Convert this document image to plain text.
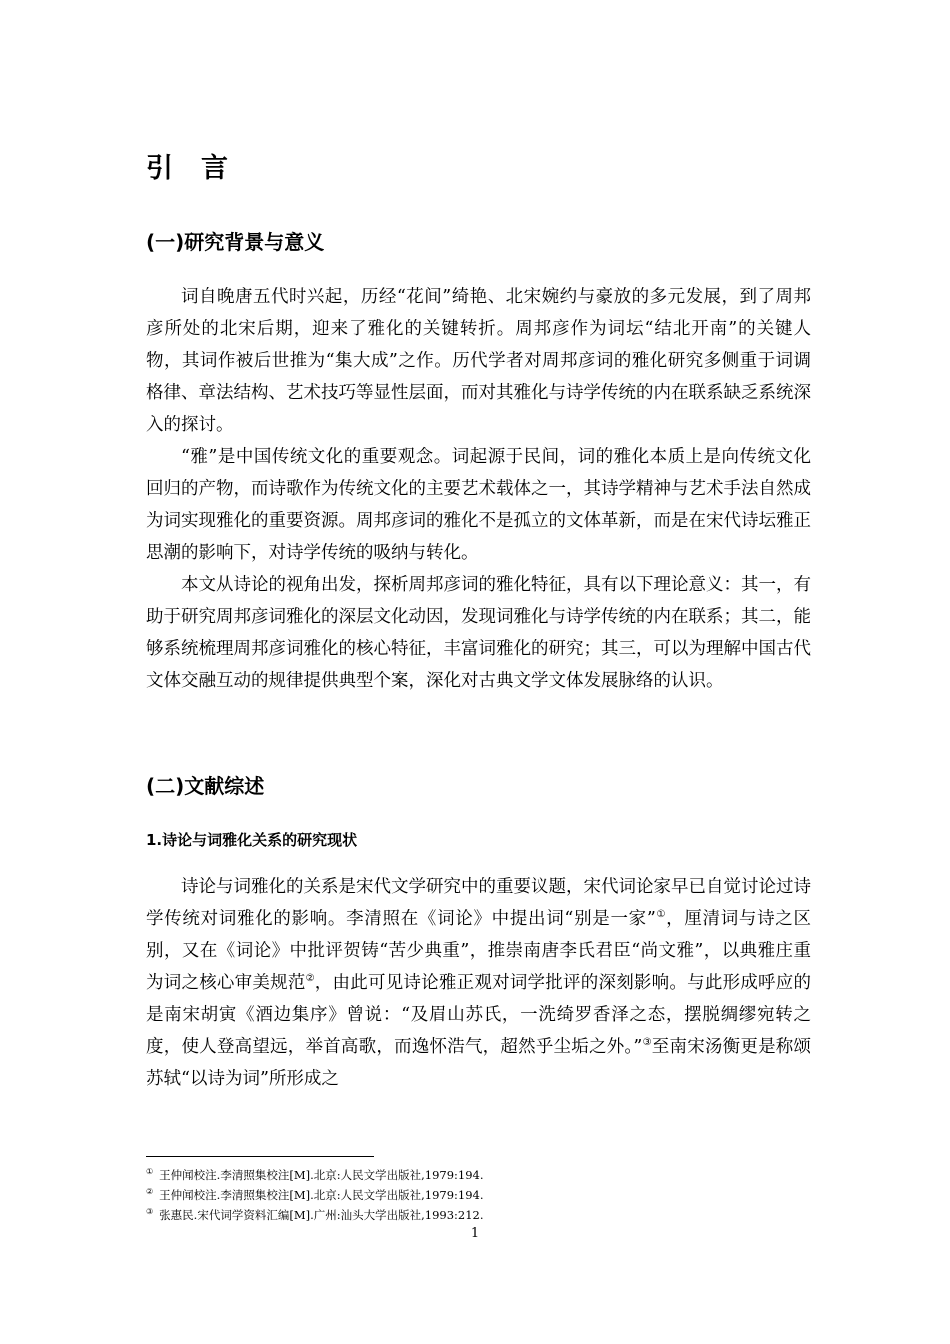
引 言
(一)研究背景与意义

词自晚唐五代时兴起，历经“花间”绮艳、北宋婉约与豪放的多元发展，到了周邦彦所处的北宋后期，迎来了雅化的关键转折。周邦彦作为词坛“结北开南”的关键人物，其词作被后世推为“集大成”之作。历代学者对周邦彦词的雅化研究多侧重于词调格律、章法结构、艺术技巧等显性层面，而对其雅化与诗学传统的内在联系缺乏系统深入的探讨。

“雅”是中国传统文化的重要观念。词起源于民间，词的雅化本质上是向传统文化回归的产物，而诗歌作为传统文化的主要艺术载体之一，其诗学精神与艺术手法自然成为词实现雅化的重要资源。周邦彦词的雅化不是孤立的文体革新，而是在宋代诗坛雅正思潮的影响下，对诗学传统的吸纳与转化。

本文从诗论的视角出发，探析周邦彦词的雅化特征，具有以下理论意义：其一，有助于研究周邦彦词雅化的深层文化动因，发现词雅化与诗学传统的内在联系；其二，能够系统梳理周邦彦词雅化的核心特征，丰富词雅化的研究；其三，可以为理解中国古代文体交融互动的规律提供典型个案，深化对古典文学文体发展脉络的认识。

(二)文献综述
1.诗论与词雅化关系的研究现状

诗论与词雅化的关系是宋代文学研究中的重要议题，宋代词论家早已自觉讨论过诗学传统对词雅化的影响。李清照在《词论》中提出词“别是一家”①，厘清词与诗之区别，又在《词论》中批评贺铸“苦少典重”，推崇南唐李氏君臣“尚文雅”，以典雅庄重为词之核心审美规范②，由此可见诗论雅正观对词学批评的深刻影响。与此形成呼应的是南宋胡寅《酒边集序》曾说：“及眉山苏氏，一洗绮罗香泽之态，摆脱绸缪宛转之度，使人登高望远，举首高歌，而逸怀浩气，超然乎尘垢之外。”③至南宋汤衡更是称颂苏轼“以诗为词”所形成之

① 王仲闻校注.李清照集校注[M].北京:人民文学出版社,1979:194.
② 王仲闻校注.李清照集校注[M].北京:人民文学出版社,1979:194.
③ 张惠民.宋代词学资料汇编[M].广州:汕头大学出版社,1993:212.
1
